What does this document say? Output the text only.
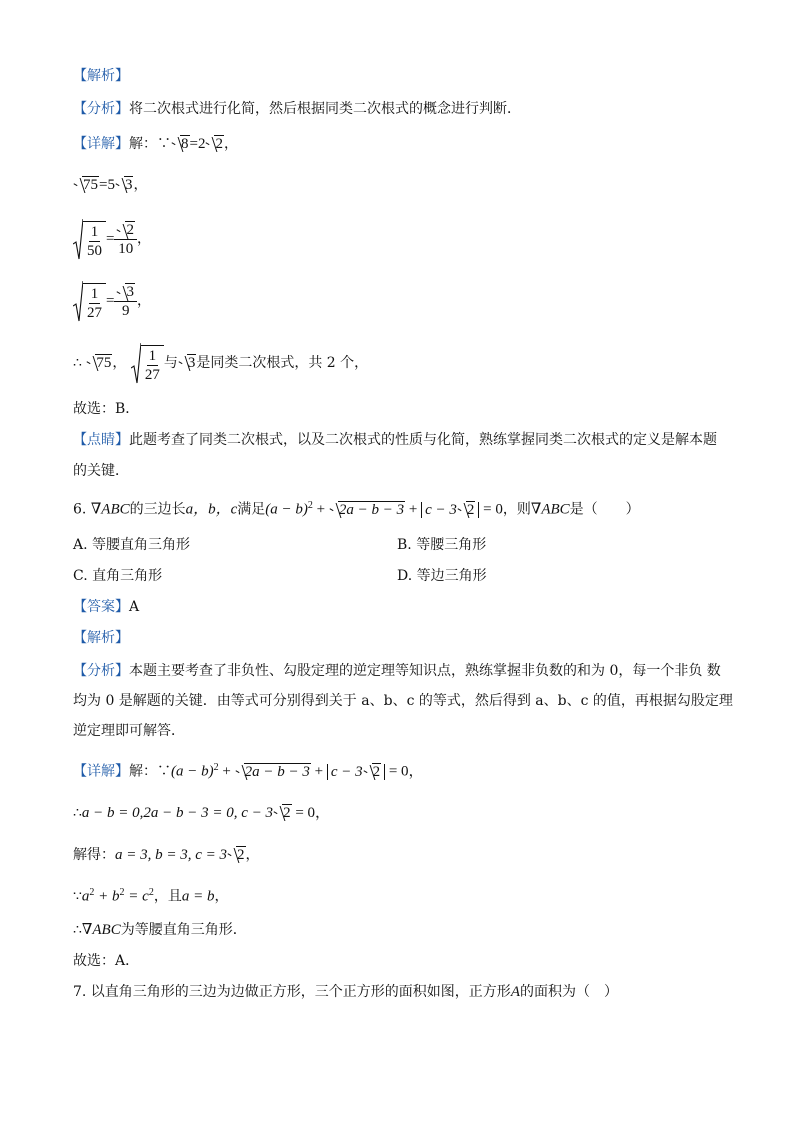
【解析】
【分析】将二次根式进行化简，然后根据同类二次根式的概念进行判断．
【详解】解：∵ 8=2 2，
75=5 3，
$\frac{1}{50} = \frac{2}{10}$ ，
$\frac{1}{27} = \frac{3}{9}$ ，
∴ 75， $\frac{1}{27}$ 与 3是同类二次根式，共 2 个，
故选：B．
【点睛】此题考查了同类二次根式，以及二次根式的性质与化简，熟练掌握同类二次根式的定义是解本题
的关键．
6. ∇ABC的三边长a，b，c满足$(a - b)^2$ +
2a − b − 3 + c − 3 2 = 0，则∇ABC是（　　）
A. 等腰直角三角形	B. 等腰三角形
C. 直角三角形	D. 等边三角形
【答案】A
【解析】
【分析】本题主要考查了非负性、勾股定理的逆定理等知识点，熟练掌握非负数的和为 0，每一个非负 数
均为 0 是解题的关键．由等式可分别得到关于 a、b、c 的等式，然后得到 a、b、c 的值，再根据勾股定理
逆定理即可解答．
【详解】解：∵(a − b)$^2$ +
2a − b − 3 + c − 3 2 = 0，
∴a − b = 0,2a − b − 3 = 0, c − 3 2 = 0，
解得：a = 3, b = 3, c = 3 2，
$\because a^2 + b^2 = c^2$，且a = b，
∴∇ABC为等腰直角三角形．
故选：A．
7. 以直角三角形的三边为边做正方形，三个正方形的面积如图，正方形A的面积为（　）
